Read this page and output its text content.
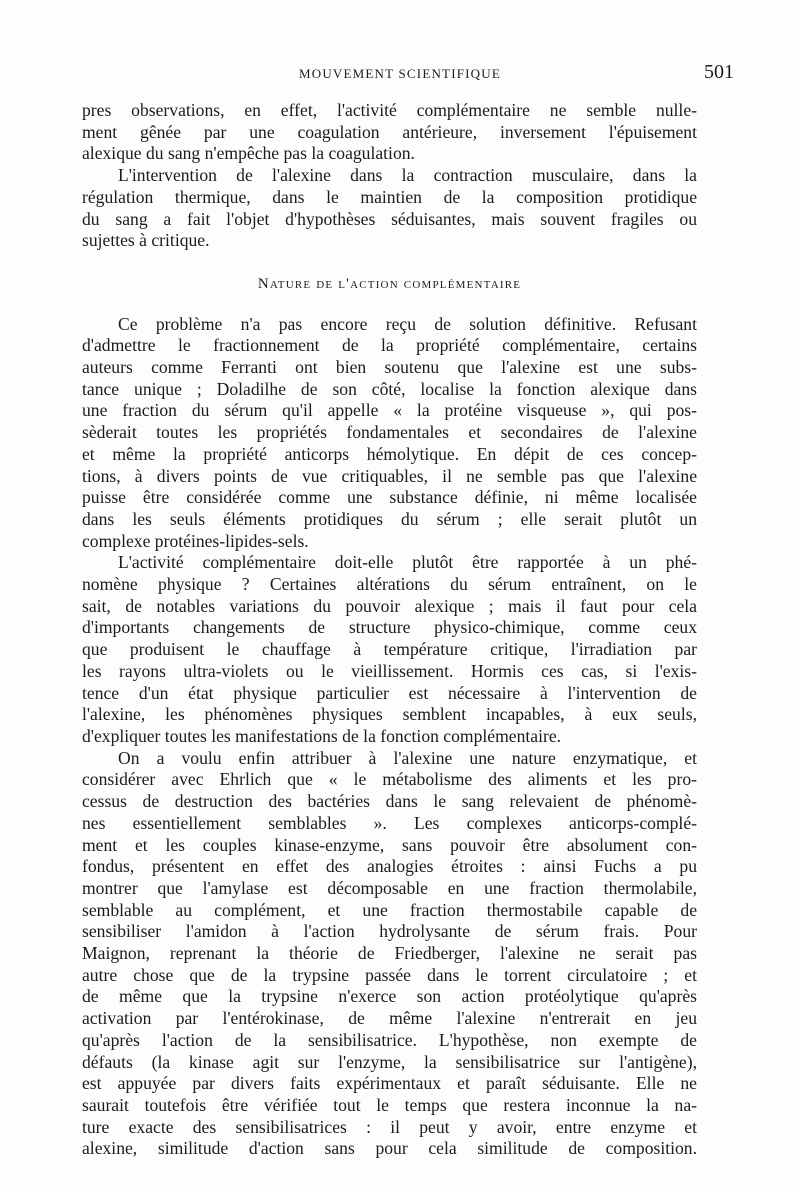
MOUVEMENT SCIENTIFIQUE	501
pres observations, en effet, l'activité complémentaire ne semble nulle-
ment gênée par une coagulation antérieure, inversement l'épuisement
alexique du sang n'empêche pas la coagulation.
L'intervention de l'alexine dans la contraction musculaire, dans la
régulation thermique, dans le maintien de la composition protidique
du sang a fait l'objet d'hypothèses séduisantes, mais souvent fragiles ou
sujettes à critique.
Nature de l'action complémentaire
Ce problème n'a pas encore reçu de solution définitive. Refusant
d'admettre le fractionnement de la propriété complémentaire, certains
auteurs comme Ferranti ont bien soutenu que l'alexine est une subs-
tance unique ; Doladilhe de son côté, localise la fonction alexique dans
une fraction du sérum qu'il appelle « la protéine visqueuse », qui pos-
sèderait toutes les propriétés fondamentales et secondaires de l'alexine
et même la propriété anticorps hémolytique. En dépit de ces concep-
tions, à divers points de vue critiquables, il ne semble pas que l'alexine
puisse être considérée comme une substance définie, ni même localisée
dans les seuls éléments protidiques du sérum ; elle serait plutôt un
complexe protéines-lipides-sels.
L'activité complémentaire doit-elle plutôt être rapportée à un phé-
nomène physique ? Certaines altérations du sérum entraînent, on le
sait, de notables variations du pouvoir alexique ; mais il faut pour cela
d'importants changements de structure physico-chimique, comme ceux
que produisent le chauffage à température critique, l'irradiation par
les rayons ultra-violets ou le vieillissement. Hormis ces cas, si l'exis-
tence d'un état physique particulier est nécessaire à l'intervention de
l'alexine, les phénomènes physiques semblent incapables, à eux seuls,
d'expliquer toutes les manifestations de la fonction complémentaire.
On a voulu enfin attribuer à l'alexine une nature enzymatique, et
considérer avec Ehrlich que « le métabolisme des aliments et les pro-
cessus de destruction des bactéries dans le sang relevaient de phénomè-
nes essentiellement semblables ». Les complexes anticorps-complé-
ment et les couples kinase-enzyme, sans pouvoir être absolument con-
fondus, présentent en effet des analogies étroites : ainsi Fuchs a pu
montrer que l'amylase est décomposable en une fraction thermolabile,
semblable au complément, et une fraction thermostabile capable de
sensibiliser l'amidon à l'action hydrolysante de sérum frais. Pour
Maignon, reprenant la théorie de Friedberger, l'alexine ne serait pas
autre chose que de la trypsine passée dans le torrent circulatoire ; et
de même que la trypsine n'exerce son action protéolytique qu'après
activation par l'entérokinase, de même l'alexine n'entrerait en jeu
qu'après l'action de la sensibilisatrice. L'hypothèse, non exempte de
défauts (la kinase agit sur l'enzyme, la sensibilisatrice sur l'antigène),
est appuyée par divers faits expérimentaux et paraît séduisante. Elle ne
saurait toutefois être vérifiée tout le temps que restera inconnue la na-
ture exacte des sensibilisatrices : il peut y avoir, entre enzyme et
alexine, similitude d'action sans pour cela similitude de composition.
